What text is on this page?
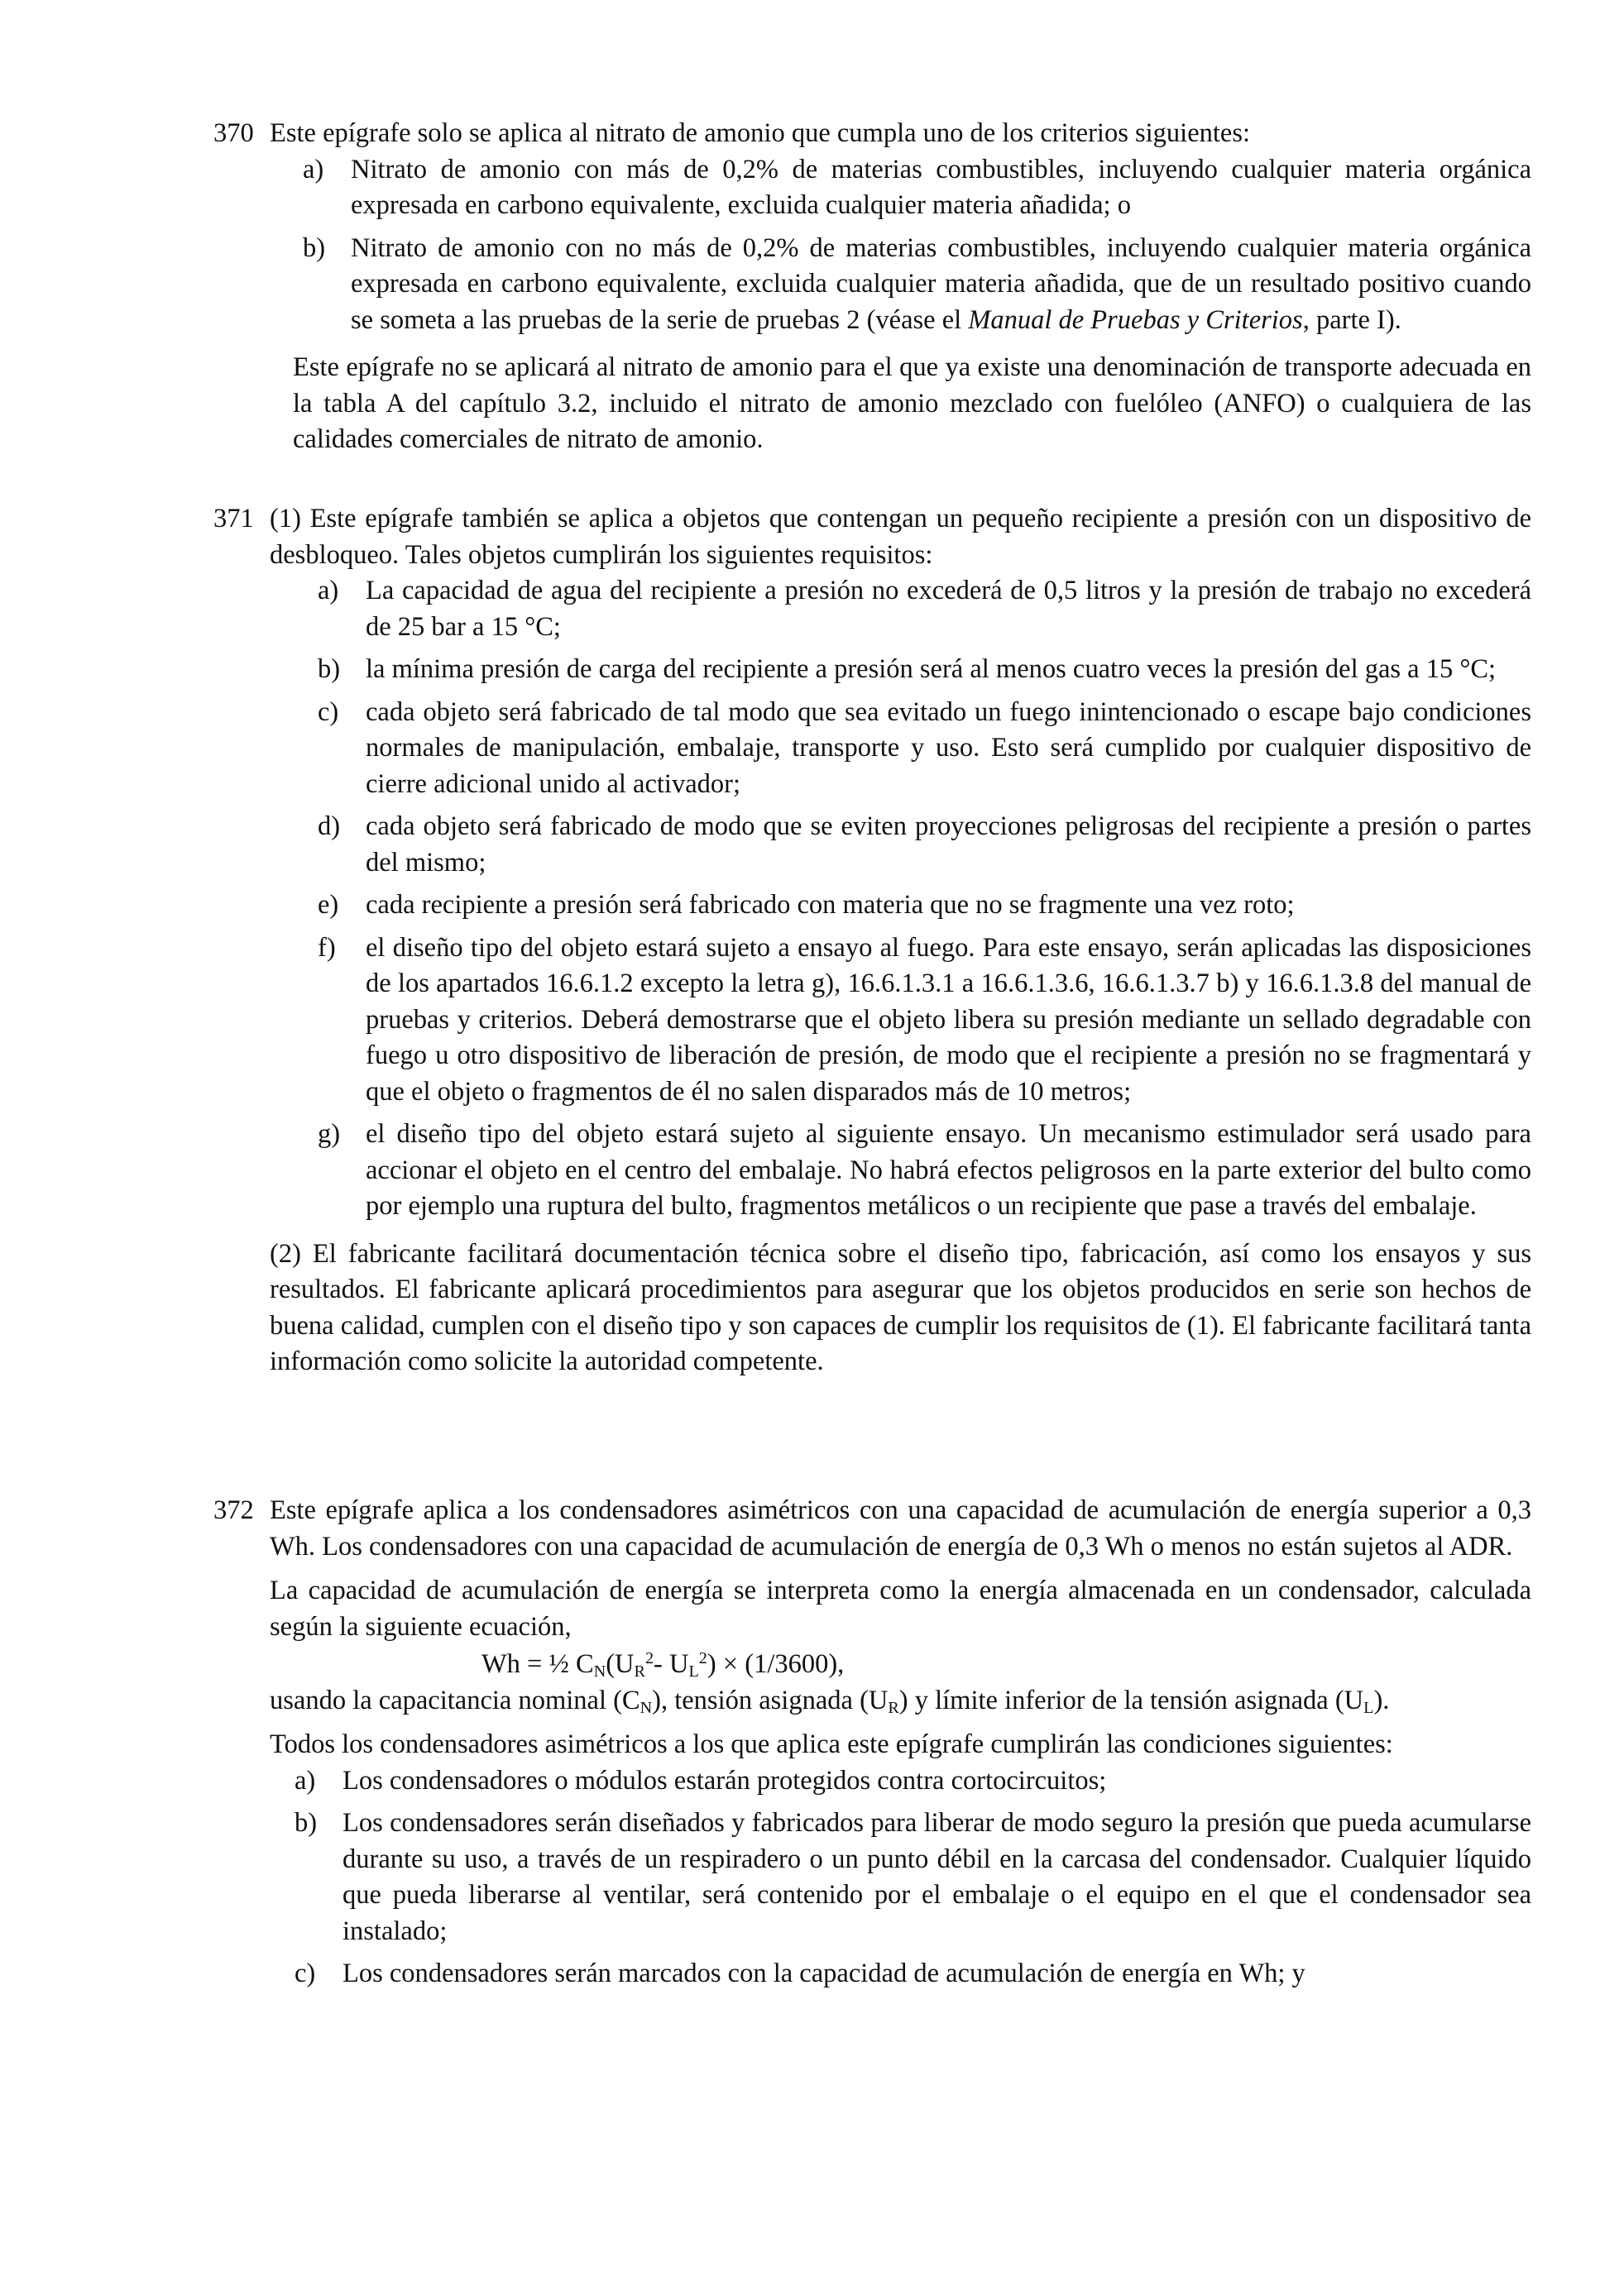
370 Este epígrafe solo se aplica al nitrato de amonio que cumpla uno de los criterios siguientes:

a)	Nitrato de amonio con más de 0,2% de materias combustibles, incluyendo cualquier materia orgánica expresada en carbono equivalente, excluida cualquier materia añadida; o
b) Nitrato de amonio con no más de 0,2% de materias combustibles, incluyendo cualquier materia orgánica expresada en carbono equivalente, excluida cualquier materia añadida, que de un resultado positivo cuando se someta a las pruebas de la serie de pruebas 2 (véase el Manual de Pruebas y Criterios, parte I).

Este epígrafe no se aplicará al nitrato de amonio para el que ya existe una denominación de transporte adecuada en la tabla A del capítulo 3.2, incluido el nitrato de amonio mezclado con fuelóleo (ANFO) o cualquiera de las calidades comerciales de nitrato de amonio.

371 (1) Este epígrafe también se aplica a objetos que contengan un pequeño recipiente a presión con un dispositivo de desbloqueo. Tales objetos cumplirán los siguientes requisitos:

a)	La capacidad de agua del recipiente a presión no excederá de 0,5 litros y la presión de trabajo no excederá de 25 bar a 15 °C;
b) la mínima presión de carga del recipiente a presión será al menos cuatro veces la presión del gas a 15 °C;
c)	cada objeto será fabricado de tal modo que sea evitado un fuego inintencionado o escape bajo condiciones normales de manipulación, embalaje, transporte y uso. Esto será cumplido por cualquier dispositivo de cierre adicional unido al activador;
d) cada objeto será fabricado de modo que se eviten proyecciones peligrosas del recipiente a presión o partes del mismo;
e)	cada recipiente a presión será fabricado con materia que no se fragmente una vez roto;
f)	el diseño tipo del objeto estará sujeto a ensayo al fuego. Para este ensayo, serán aplicadas las disposiciones de los apartados 16.6.1.2 excepto la letra g), 16.6.1.3.1 a 16.6.1.3.6, 16.6.1.3.7 b) y 16.6.1.3.8 del manual de pruebas y criterios. Deberá demostrarse que el objeto libera su presión mediante un sellado degradable con fuego u otro dispositivo de liberación de presión, de modo que el recipiente a presión no se fragmentará y que el objeto o fragmentos de él no salen disparados más de 10 metros;
g) el diseño tipo del objeto estará sujeto al siguiente ensayo. Un mecanismo estimulador será usado para accionar el objeto en el centro del embalaje. No habrá efectos peligrosos en la parte exterior del bulto como por ejemplo una ruptura del bulto, fragmentos metálicos o un recipiente que pase a través del embalaje.

(2) El fabricante facilitará documentación técnica sobre el diseño tipo, fabricación, así como los ensayos y sus resultados. El fabricante aplicará procedimientos para asegurar que los objetos producidos en serie son hechos de buena calidad, cumplen con el diseño tipo y son capaces de cumplir los requisitos de (1). El fabricante facilitará tanta información como solicite la autoridad competente.

372 Este epígrafe aplica a los condensadores asimétricos con una capacidad de acumulación de energía superior a 0,3 Wh. Los condensadores con una capacidad de acumulación de energía de 0,3 Wh o menos no están sujetos al ADR.

La capacidad de acumulación de energía se interpreta como la energía almacenada en un condensador, calculada según la siguiente ecuación,

Wh = ½ $C_N(U_R^2-$ $U_L^2) \times (1/3600)$,

usando la capacitancia nominal $(C_N)$, tensión asignada $(U_R)$ y límite inferior de la tensión asignada $(U_L)$.

Todos los condensadores asimétricos a los que aplica este epígrafe cumplirán las condiciones siguientes:

a)	Los condensadores o módulos estarán protegidos contra cortocircuitos;
b) Los condensadores serán diseñados y fabricados para liberar de modo seguro la presión que pueda acumularse durante su uso, a través de un respiradero o un punto débil en la carcasa del condensador. Cualquier líquido que pueda liberarse al ventilar, será contenido por el embalaje o el equipo en el que el condensador sea instalado;
c)	Los condensadores serán marcados con la capacidad de acumulación de energía en Wh; y
